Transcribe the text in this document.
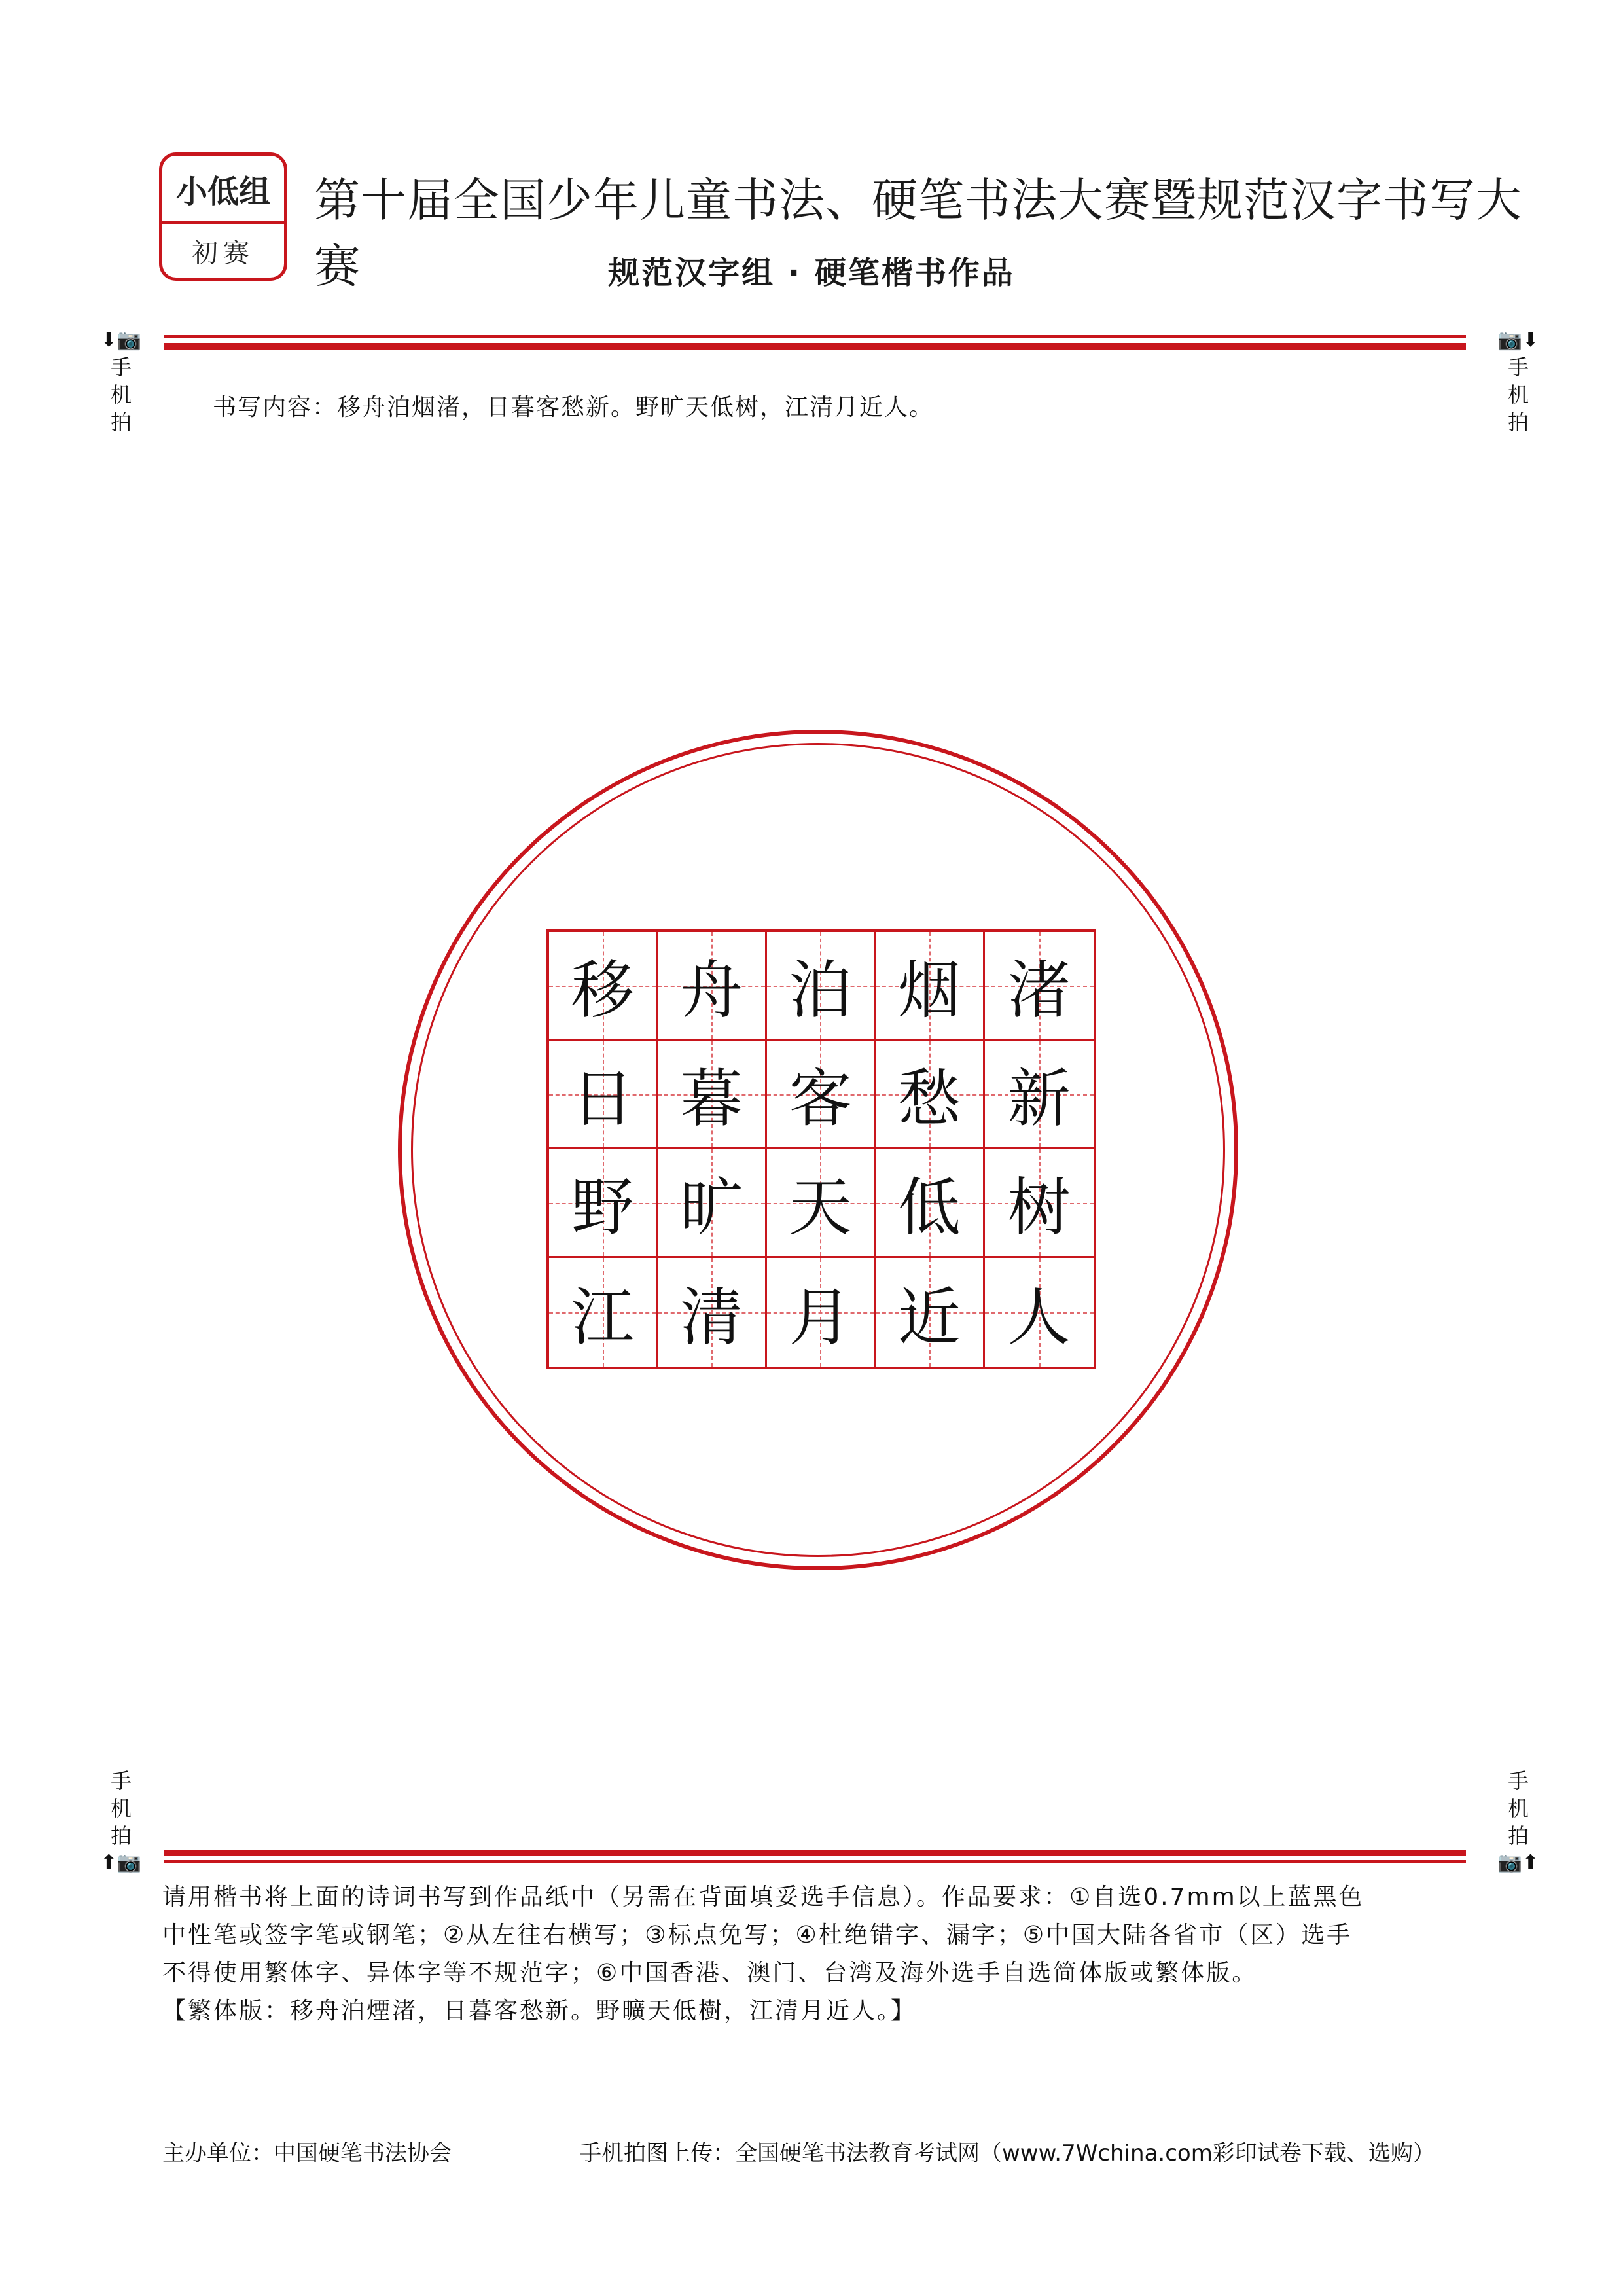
小低组
初赛
第十届全国少年儿童书法、硬笔书法大赛暨规范汉字书写大赛	规范汉字组 · 硬笔楷书作品
⬇📷
手
机
拍
📷⬇
手
机
拍
书写内容：移舟泊烟渚，日暮客愁新。野旷天低树，江清月近人。
移 舟 泊 烟 渚
日 暮 客 愁 新
野 旷 天 低 树
江 清 月 近 人
手
机
拍
⬆📷
手
机
拍
📷⬆

请用楷书将上面的诗词书写到作品纸中（另需在背面填妥选手信息）。作品要求：①自选0.7mm以上蓝黑色

中性笔或签字笔或钢笔；②从左往右横写；③标点免写；④杜绝错字、漏字；⑤中国大陆各省市（区）选手

不得使用繁体字、异体字等不规范字；⑥中国香港、澳门、台湾及海外选手自选简体版或繁体版。

【繁体版：移舟泊煙渚，日暮客愁新。野曠天低樹，江清月近人。】

主办单位：中国硬笔书法协会	手机拍图上传：全国硬笔书法教育考试网（www.7Wchina.com彩印试卷下载、选购）
